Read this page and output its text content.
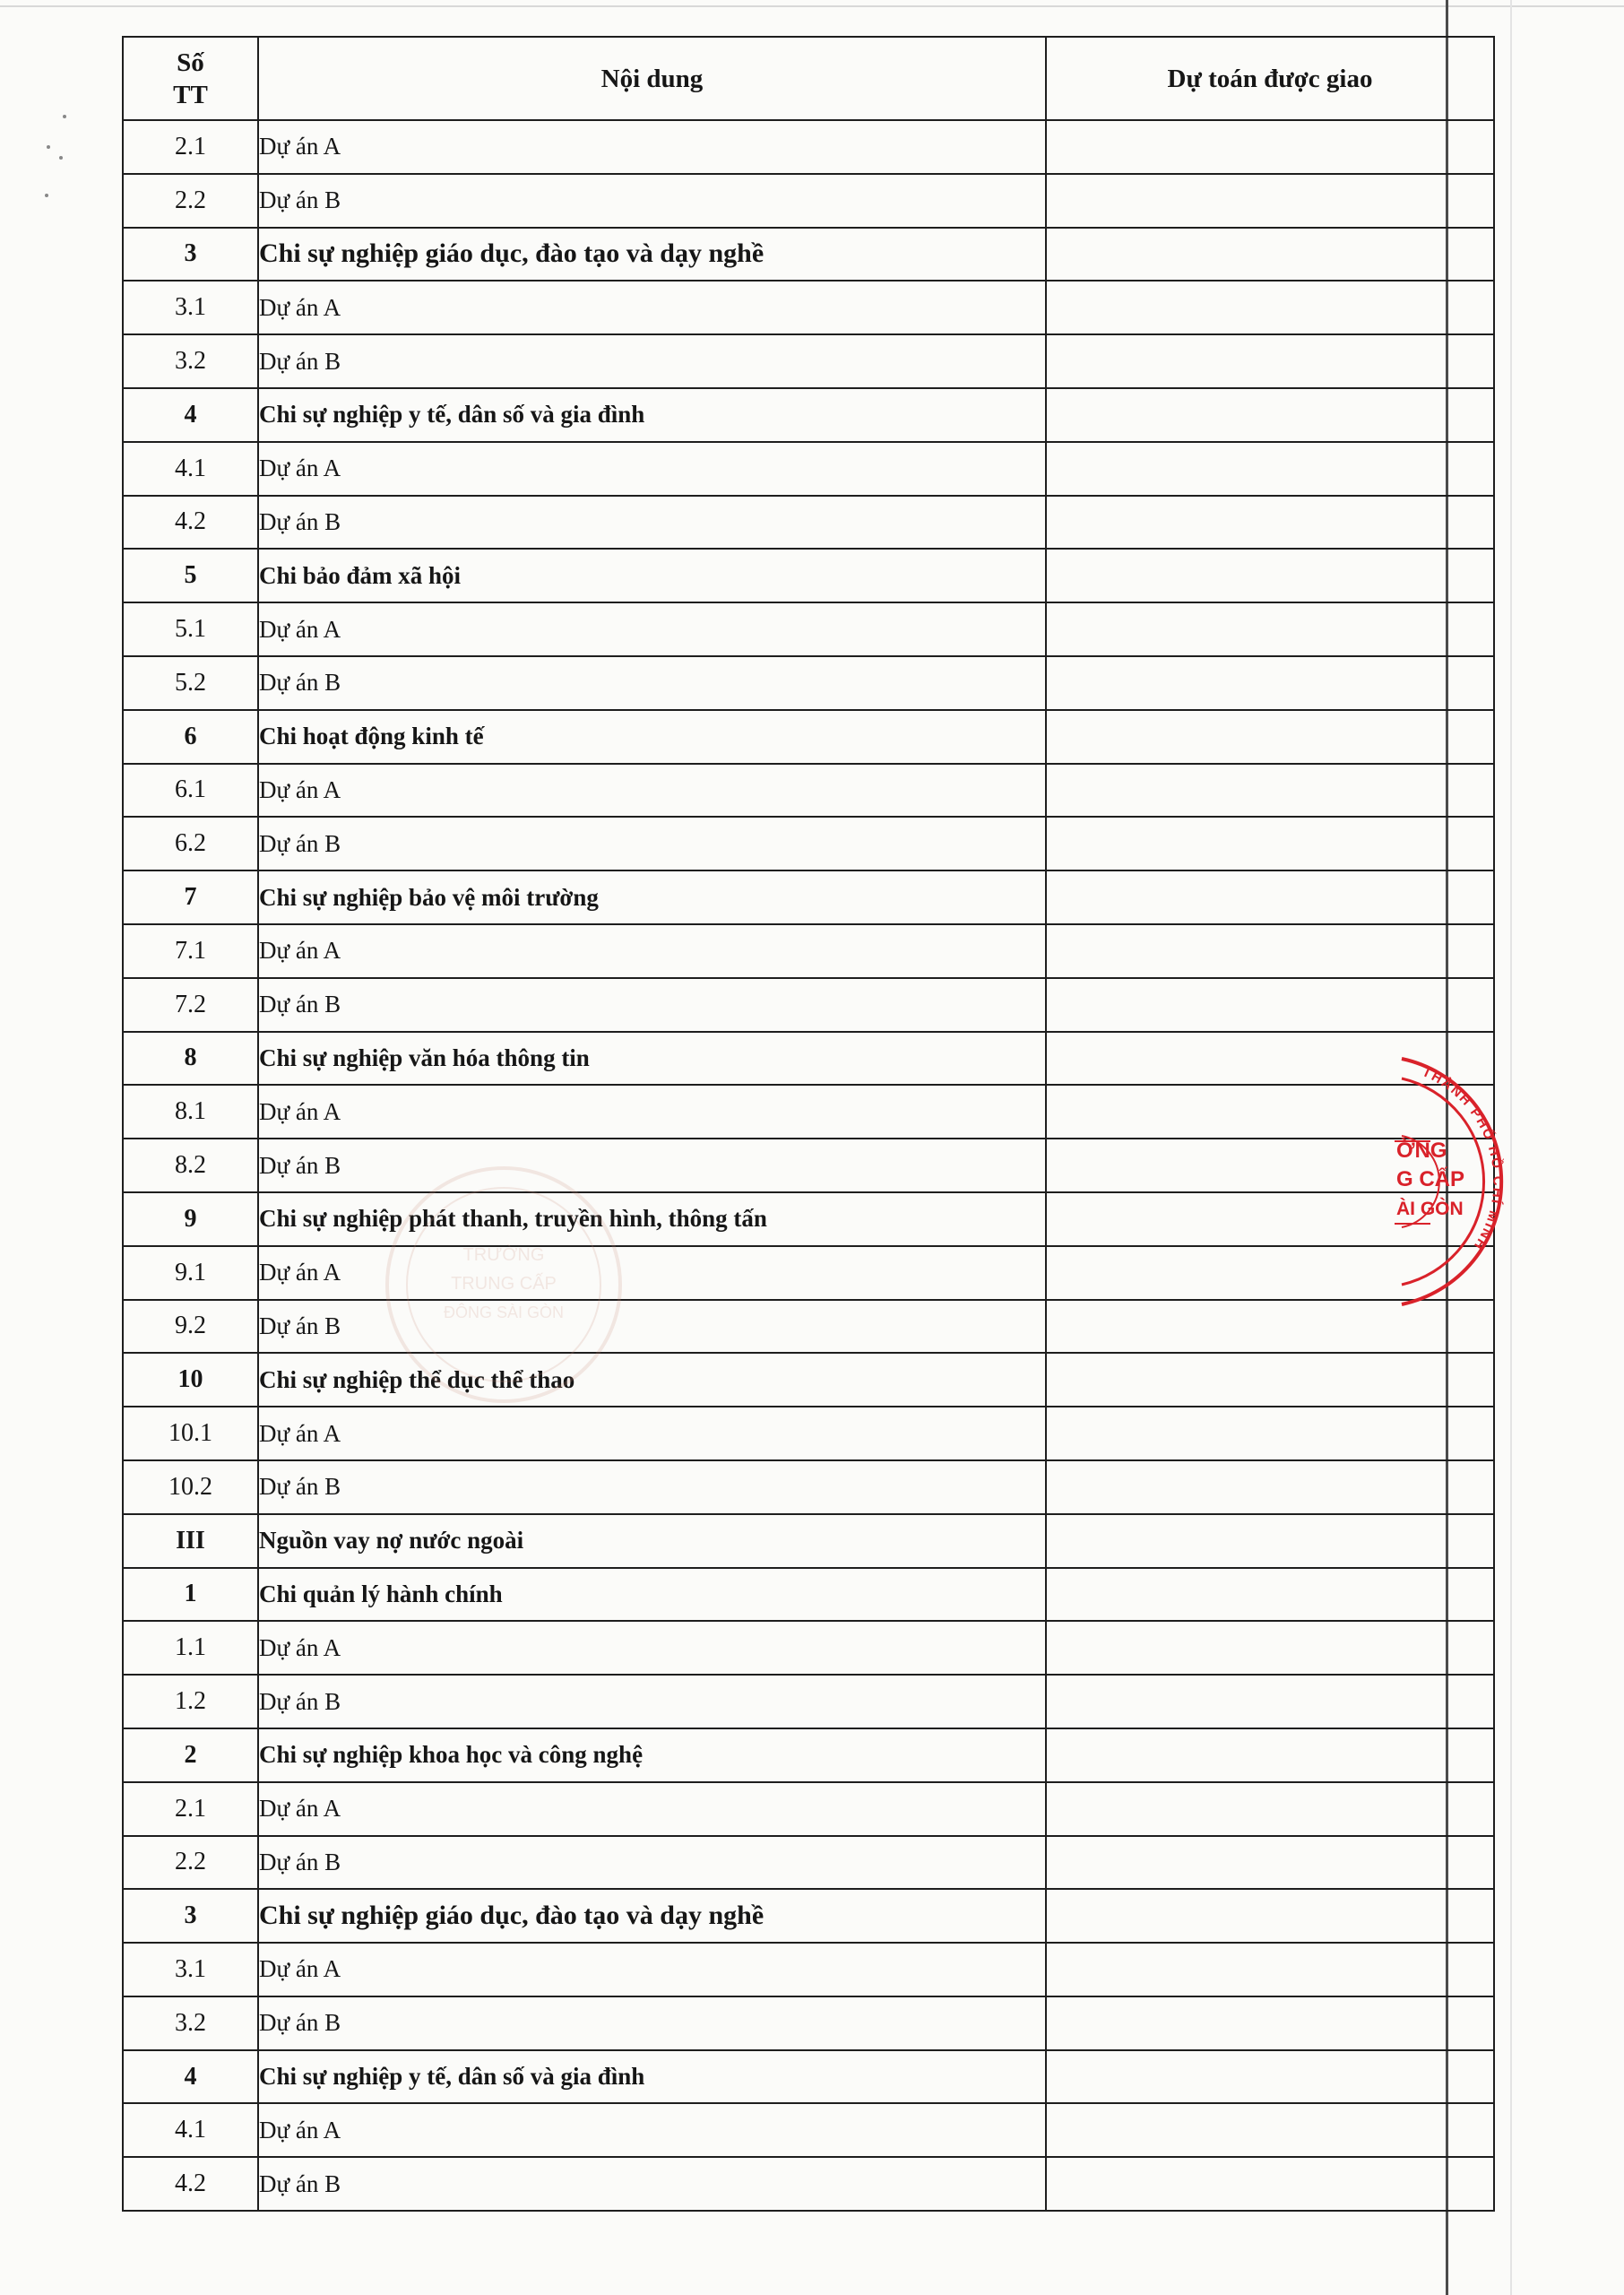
Số
TT	Nội dung	Dự toán được giao
2.1	Dự án A	
2.2	Dự án B	
3	Chi sự nghiệp giáo dục, đào tạo và dạy nghề	
3.1	Dự án A	
3.2	Dự án B	
4	Chi sự nghiệp y tế, dân số và gia đình	
4.1	Dự án A	
4.2	Dự án B	
5	Chi bảo đảm xã hội	
5.1	Dự án A	
5.2	Dự án B	
6	Chi hoạt động kinh tế	
6.1	Dự án A	
6.2	Dự án B	
7	Chi sự nghiệp bảo vệ môi trường	
7.1	Dự án A	
7.2	Dự án B	
8	Chi sự nghiệp văn hóa thông tin	
8.1	Dự án A	
8.2	Dự án B	
9	Chi sự nghiệp phát thanh, truyền hình, thông tấn	
9.1	Dự án A	
9.2	Dự án B	
10	Chi sự nghiệp thể dục thể thao	
10.1	Dự án A	
10.2	Dự án B	
III	Nguồn vay nợ nước ngoài	
1	Chi quản lý hành chính	
1.1	Dự án A	
1.2	Dự án B	
2	Chi sự nghiệp khoa học và công nghệ	
2.1	Dự án A	
2.2	Dự án B	
3	Chi sự nghiệp giáo dục, đào tạo và dạy nghề	
3.1	Dự án A	
3.2	Dự án B	
4	Chi sự nghiệp y tế, dân số và gia đình	
4.1	Dự án A	
4.2	Dự án B	
THÀNH PHỐ HỒ CHÍ MINH
ỜNG
G CẤP
ÀI GÒN
TRƯỜNG
TRUNG CẤP
ĐÔNG SÀI GÒN
